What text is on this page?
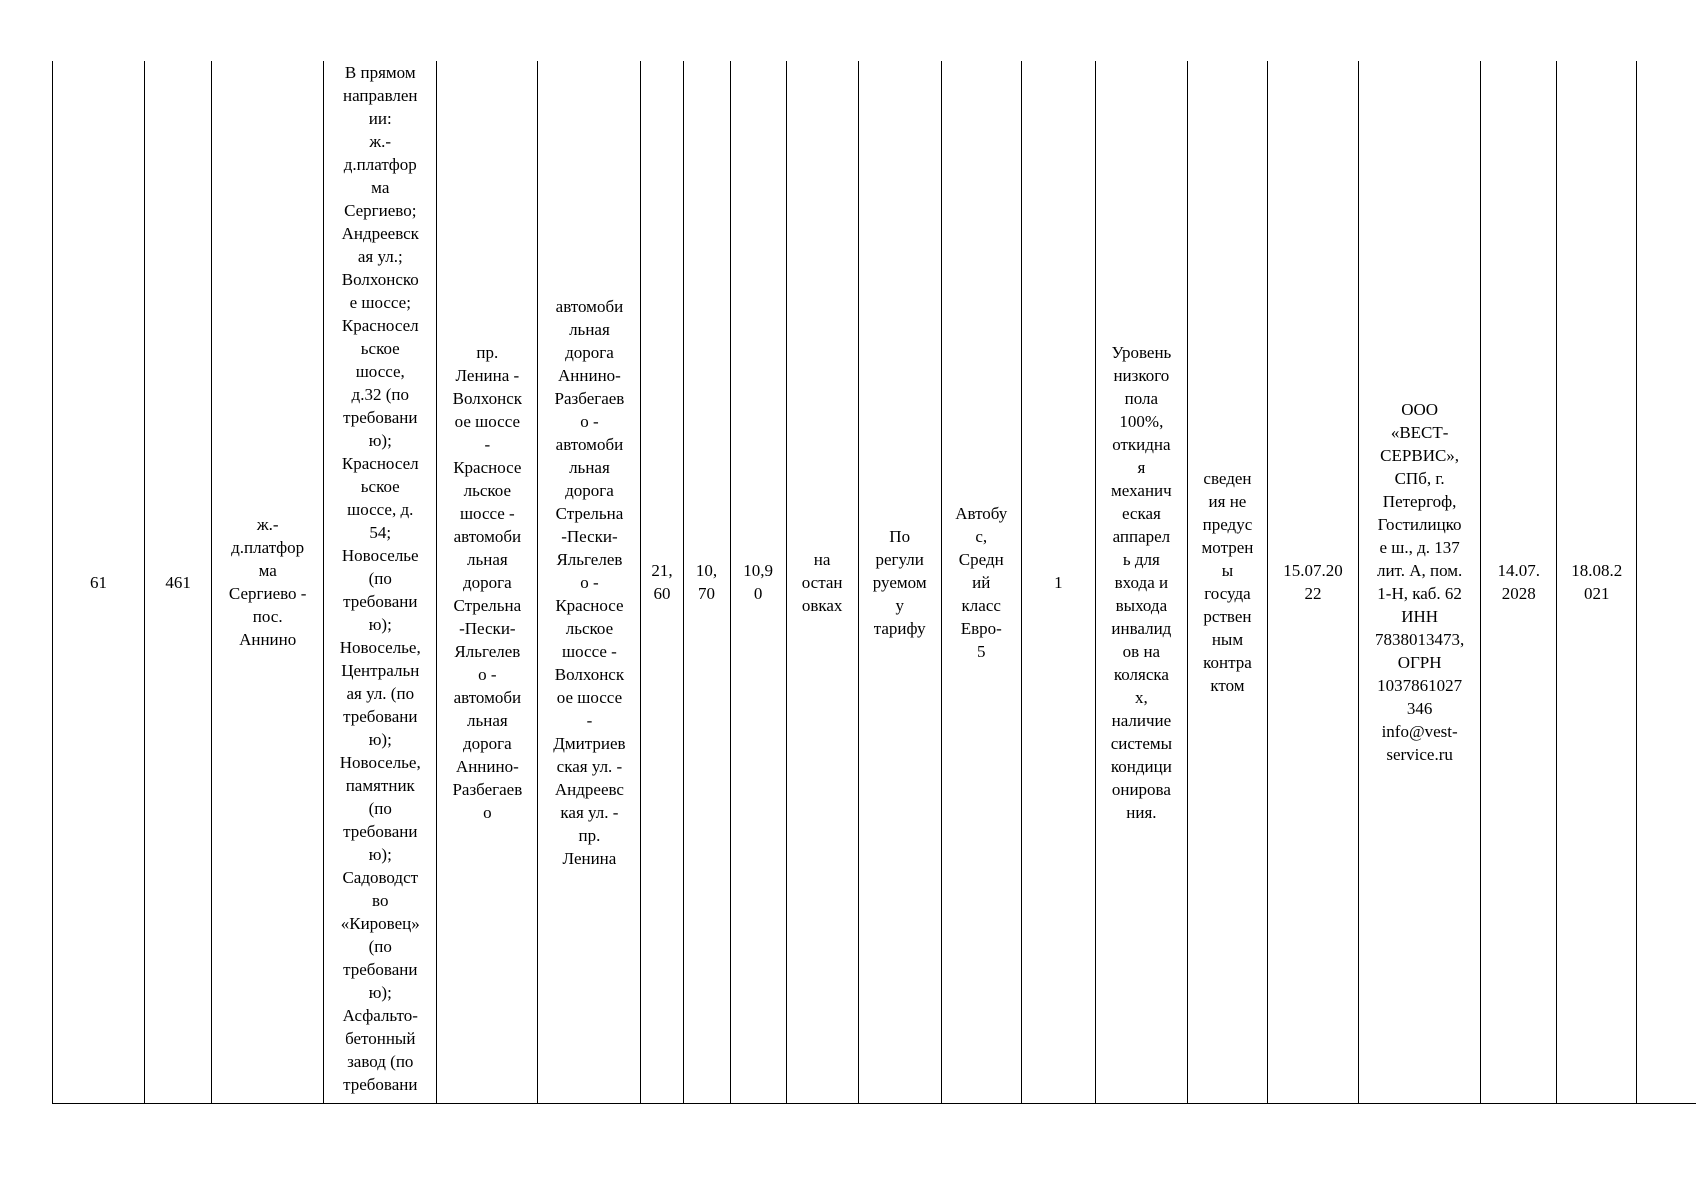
61	461	ж.-
д.платфор
ма
Сергиево -
пос.
Аннино	В прямом
направлен
ии:
ж.-
д.платфор
ма
Сергиево;
Андреевск
ая ул.;
Волхонско
е шоссе;
Красносел
ьское
шоссе,
д.32 (по
требовани
ю);
Красносел
ьское
шоссе, д.
54;
Новоселье
(по
требовани
ю);
Новоселье,
Центральн
ая ул. (по
требовани
ю);
Новоселье,
памятник
(по
требовани
ю);
Садоводст
во
«Кировец»
(по
требовани
ю);
Асфальто-
бетонный
завод (по
требовани	пр.
Ленина -
Волхонск
ое шоссе
-
Красносе
льское
шоссе -
автомоби
льная
дорога
Стрельна
-Пески-
Яльгелев
о -
автомоби
льная
дорога
Аннино-
Разбегаев
о	автомоби
льная
дорога
Аннино-
Разбегаев
о -
автомоби
льная
дорога
Стрельна
-Пески-
Яльгелев
о -
Красносе
льское
шоссе -
Волхонск
ое шоссе
-
Дмитриев
ская ул. -
Андреевс
кая ул. -
пр.
Ленина	21,
60	10,
70	10,9
0	на
остан
овках	По
регули
руемом
у
тарифу	Автобу
с,
Средн
ий
класс
Евро-
5	1	Уровень
низкого
пола
100%,
откидна
я
механич
еская
аппарел
ь для
входа и
выхода
инвалид
ов на
коляска
х,
наличие
системы
кондици
онирова
ния.	сведен
ия не
предус
мотрен
ы
госуда
рствен
ным
контра
ктом	15.07.20
22	ООО
«ВЕСТ-
СЕРВИС»,
СПб, г.
Петергоф,
Гостилицко
е ш., д. 137
лит. А, пом.
1-Н, каб. 62
ИНН
7838013473,
ОГРН
1037861027
346
info@vest-
service.ru	14.07.
2028	18.08.2
021	
